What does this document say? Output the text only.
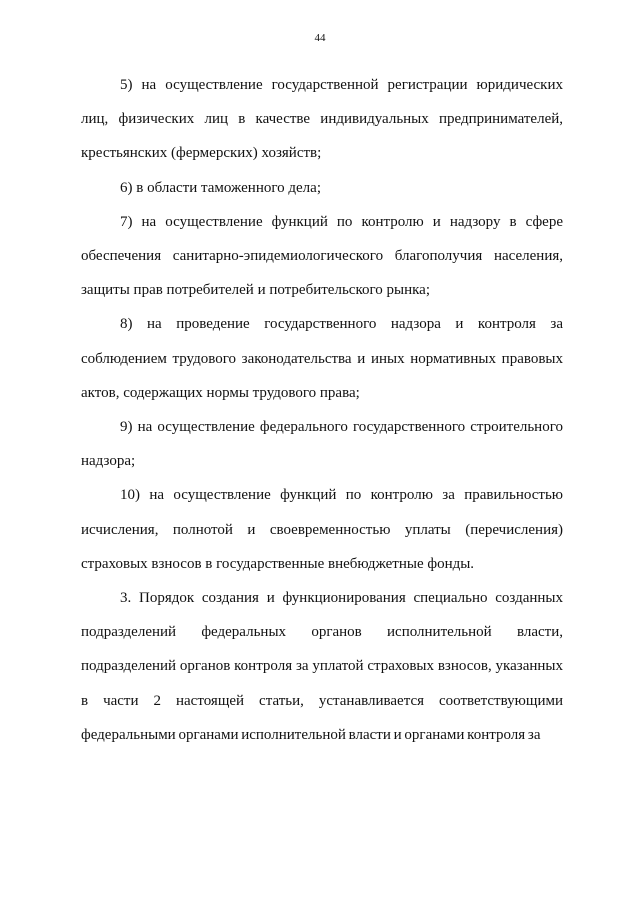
44

5) на осуществление государственной регистрации юридических лиц, физических лиц в качестве индивидуальных предпринимателей, крестьянских (фермерских) хозяйств;

6) в области таможенного дела;

7) на осуществление функций по контролю и надзору в сфере обеспечения санитарно-эпидемиологического благополучия населения, защиты прав потребителей и потребительского рынка;

8) на проведение государственного надзора и контроля за соблюдением трудового законодательства и иных нормативных правовых актов, содержащих нормы трудового права;

9) на осуществление федерального государственного строительного надзора;

10) на осуществление функций по контролю за правильностью исчисления, полнотой и своевременностью уплаты (перечисления) страховых взносов в государственные внебюджетные фонды.

3. Порядок создания и функционирования специально созданных подразделений федеральных органов исполнительной власти, подразделений органов контроля за уплатой страховых взносов, указанных в части 2 настоящей статьи, устанавливается соответствующими федеральными органами исполнительной власти и органами контроля за
